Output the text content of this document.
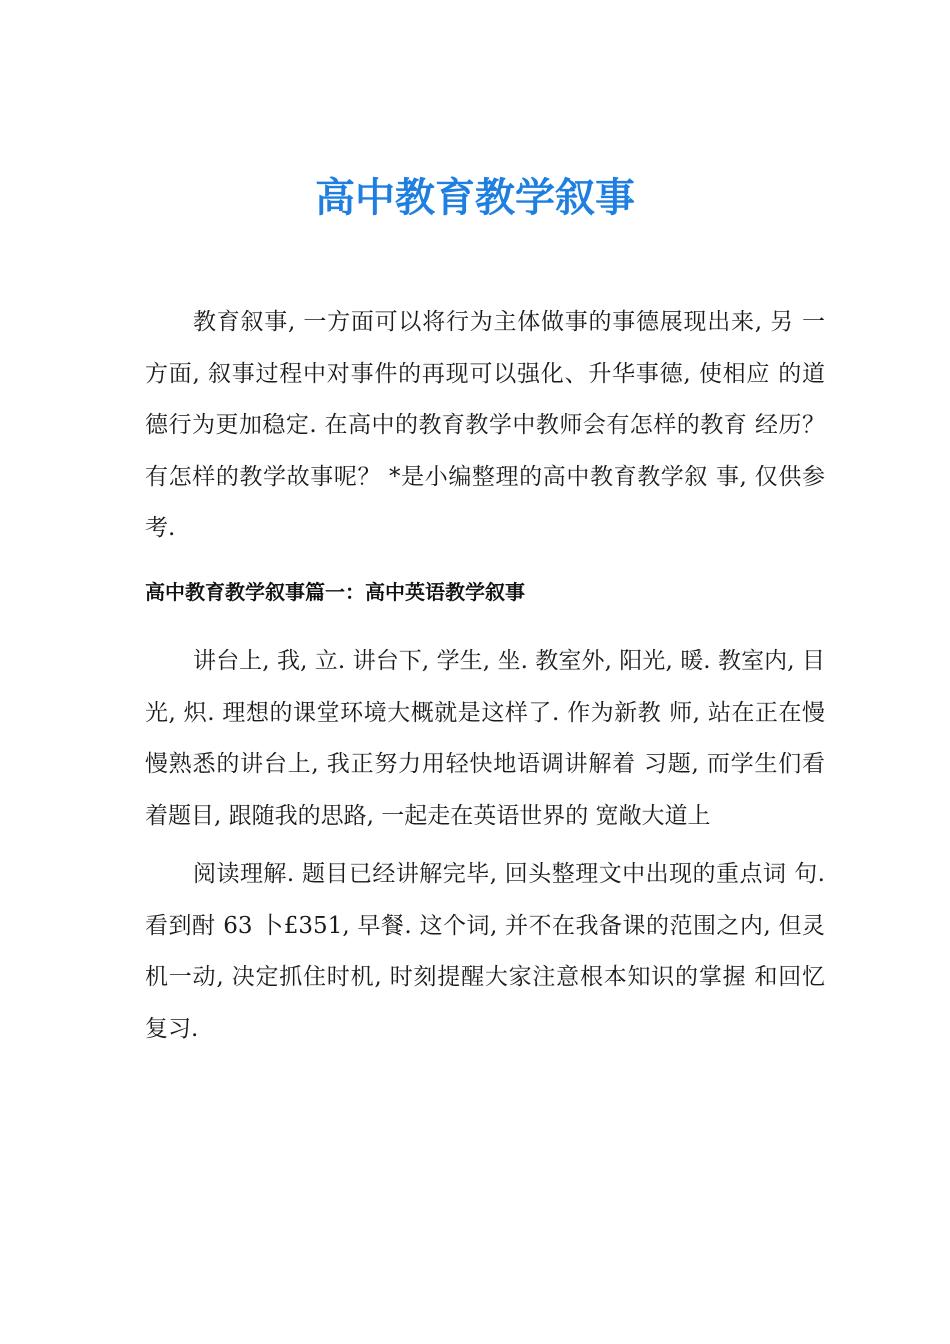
高中教育教学叙事

教育叙事, 一方面可以将行为主体做事的事德展现出来, 另 一方面, 叙事过程中对事件的再现可以强化、升华事德, 使相应 的道德行为更加稳定. 在高中的教育教学中教师会有怎样的教育 经历？有怎样的教学故事呢？ *是小编整理的高中教育教学叙 事, 仅供参考.

高中教育教学叙事篇一：高中英语教学叙事

讲台上, 我, 立. 讲台下, 学生, 坐. 教室外, 阳光, 暖. 教室内, 目光, 炽. 理想的课堂环境大概就是这样了. 作为新教 师, 站在正在慢慢熟悉的讲台上, 我正努力用轻快地语调讲解着 习题, 而学生们看着题目, 跟随我的思路, 一起走在英语世界的 宽敞大道上

阅读理解. 题目已经讲解完毕, 回头整理文中出现的重点词 句. 看到酎 63 卜£351, 早餐. 这个词, 并不在我备课的范围之内, 但灵机一动, 决定抓住时机, 时刻提醒大家注意根本知识的掌握 和回忆复习.
